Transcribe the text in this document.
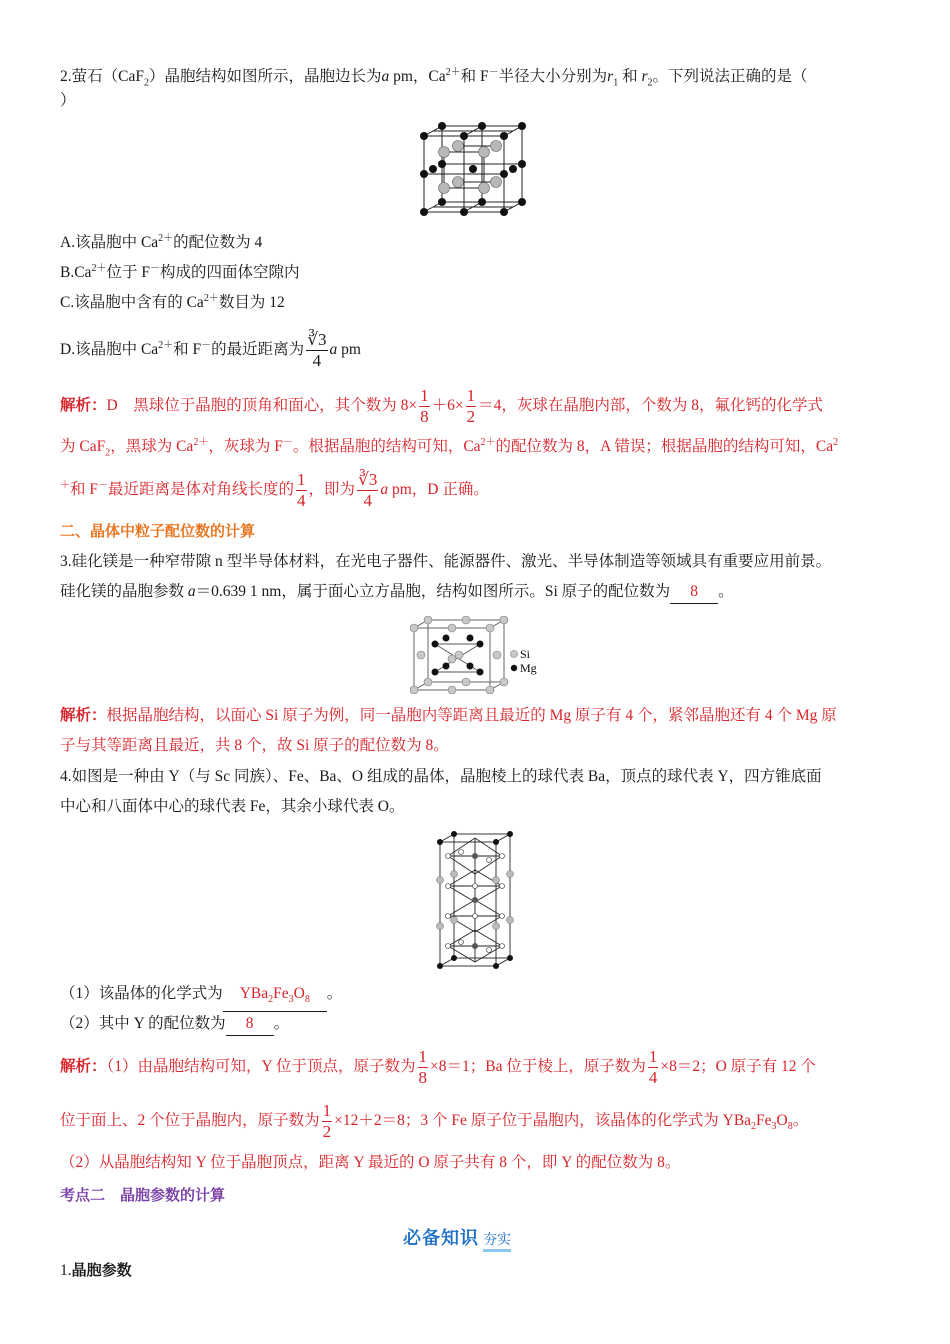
2.萤石（CaF$_2$）晶胞结构如图所示，晶胞边长为a pm，$Ca^{2+}$和 F－半径大小分别为$r_1$ 和 $r_2$。下列说法正确的是（
）
A.该晶胞中 $Ca^{2+}$的配位数为 4
$B.Ca^{2+}$位于 F－构成的四面体空隙内
C.该晶胞中含有的 $Ca^{2+}$数目为 12
D.该晶胞中 $Ca^{2+}$和 F－的最近距离为 $\frac{∛3}{4}$ a pm
解析：D　黑球位于晶胞的顶角和面心，其个数为 $8\times \frac{1}{8} +6\times \frac{1}{2} =4$，灰球在晶胞内部，个数为 8，氟化钙的化学式
为 CaF$_2$，黑球为 $Ca^{2+}$，灰球为 F－。根据晶胞的结构可知，$Ca^{2+}$的配位数为 8，A 错误；根据晶胞的结构可知，Ca$^2$
＋和 F－最近距离是体对角线长度的 $\frac{1}{4}$ ，即为 $\frac{∛3}{4}$ a pm，D 正确。
二、晶体中粒子配位数的计算
3.硅化镁是一种窄带隙 n 型半导体材料，在光电子器件、能源器件、激光、半导体制造等领域具有重要应用前景。
硅化镁的晶胞参数 a＝0.639 1 nm，属于面心立方晶胞，结构如图所示。Si 原子的配位数为 8 。
Si
Mg
解析：根据晶胞结构，以面心 Si 原子为例，同一晶胞内等距离且最近的 Mg 原子有 4 个，紧邻晶胞还有 4 个 Mg 原
子与其等距离且最近，共 8 个，故 Si 原子的配位数为 8。
4.如图是一种由 Y（与 Sc 同族）、Fe、Ba、O 组成的晶体，晶胞棱上的球代表 Ba，顶点的球代表 Y，四方锥底面
中心和八面体中心的球代表 Fe，其余小球代表 O。
（1）该晶体的化学式为 $YBa_2Fe_3O_8$ 。
（2）其中 Y 的配位数为 8 。
解析：（1）由晶胞结构可知，Y 位于顶点，原子数为 $\frac{1}{8} \times 8=1$；Ba 位于棱上，原子数为 $\frac{1}{4} \times 8=2$；O 原子有 12 个
位于面上、2 个位于晶胞内，原子数为 $\frac{1}{2} \times 12+2=8$；3 个 Fe 原子位于晶胞内，该晶体的化学式为 $YBa_2Fe_3O_8$。
（2）从晶胞结构知 Y 位于晶胞顶点，距离 Y 最近的 O 原子共有 8 个，即 Y 的配位数为 8。
考点二　晶胞参数的计算
必备知识 夯实
1.晶胞参数
